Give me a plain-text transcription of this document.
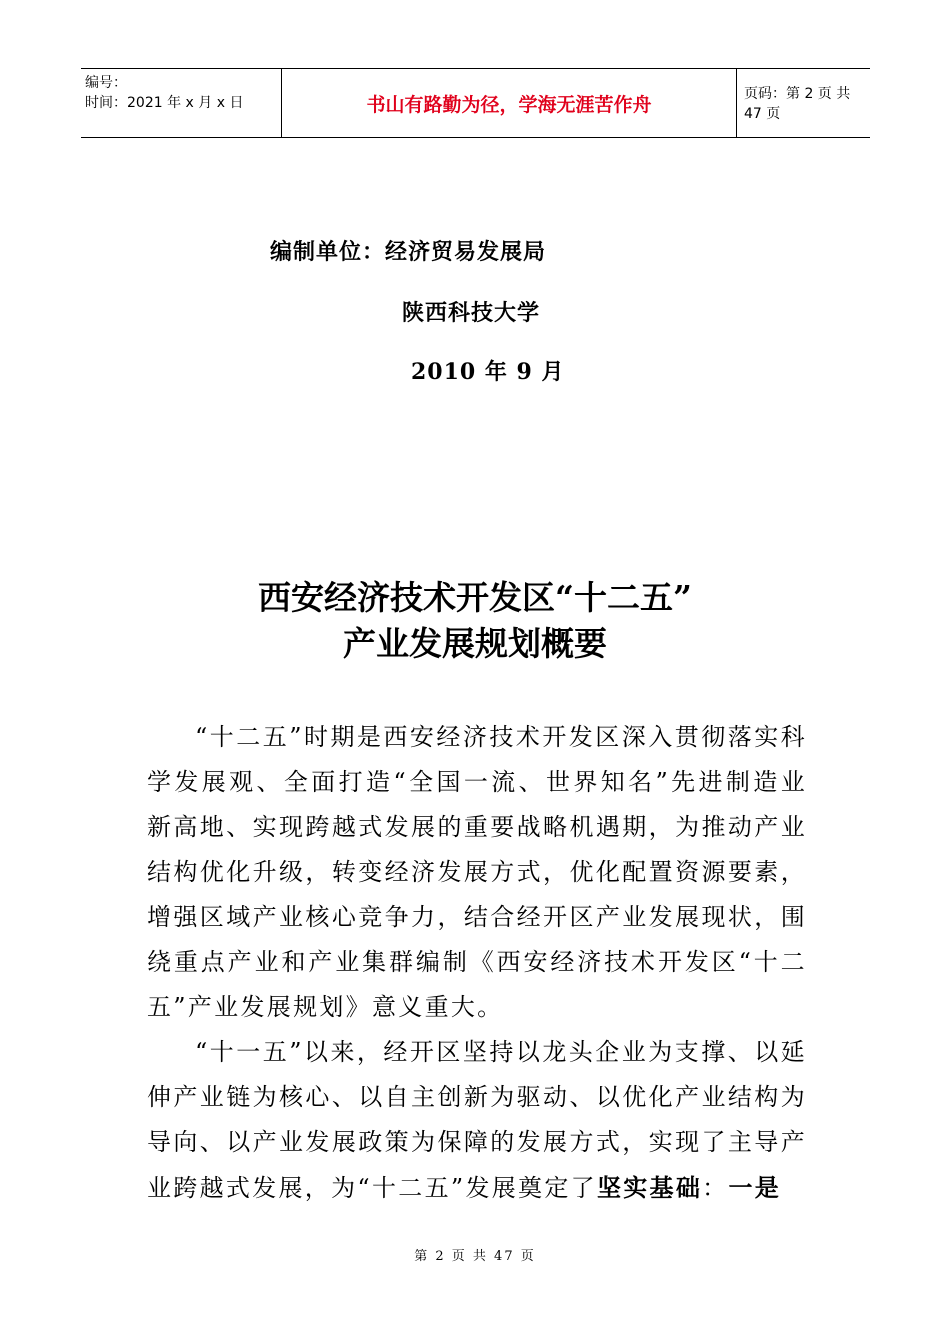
编号：
时间：2021 年 x 月 x 日	书山有路勤为径，学海无涯苦作舟	页码：第 2 页 共 47 页
编制单位：经济贸易发展局
陕西科技大学
2010 年 9 月
西安经济技术开发区“十二五”
产业发展规划概要

“十二五”时期是西安经济技术开发区深入贯彻落实科学发展观、全面打造“全国一流、世界知名”先进制造业新高地、实现跨越式发展的重要战略机遇期，为推动产业结构优化升级，转变经济发展方式，优化配置资源要素，增强区域产业核心竞争力，结合经开区产业发展现状，围绕重点产业和产业集群编制《西安经济技术开发区“十二五”产业发展规划》意义重大。

“十一五”以来，经开区坚持以龙头企业为支撑、以延伸产业链为核心、以自主创新为驱动、以优化产业结构为导向、以产业发展政策为保障的发展方式，实现了主导产业跨越式发展，为“十二五”发展奠定了坚实基础：一是

第 2 页 共 47 页
